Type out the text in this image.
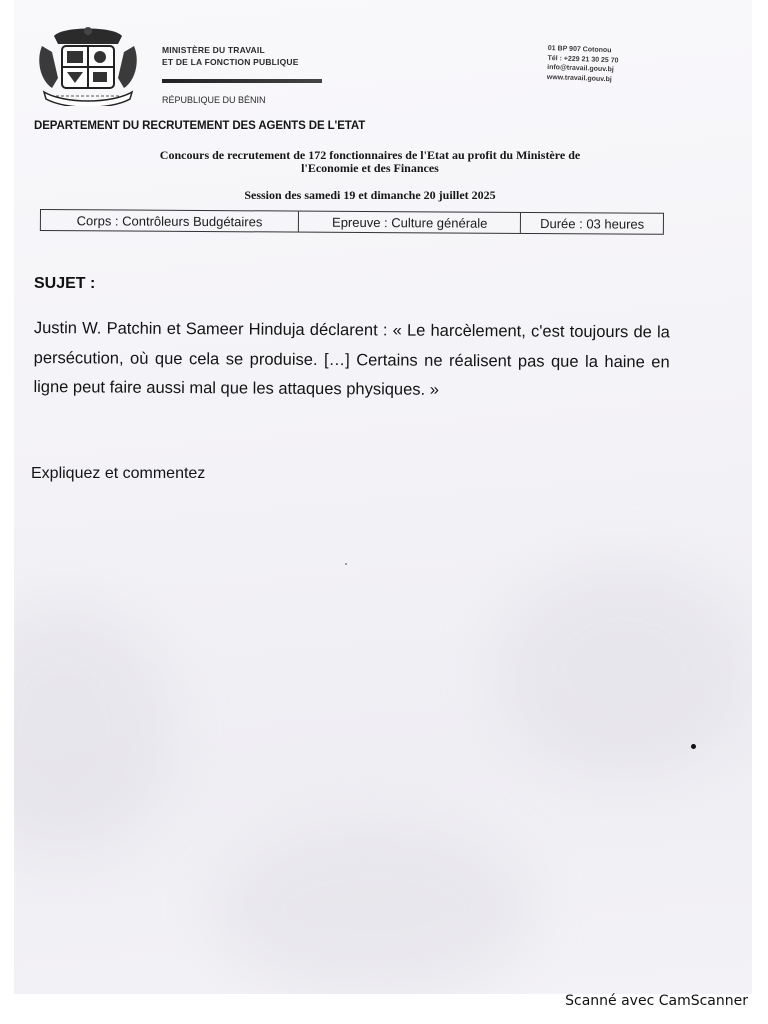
MINISTÈRE DU TRAVAIL
ET DE LA FONCTION PUBLIQUE
RÉPUBLIQUE DU BÉNIN
01 BP 907 Cotonou
Tél : +229 21 30 25 70
info@travail.gouv.bj
www.travail.gouv.bj
DEPARTEMENT DU RECRUTEMENT DES AGENTS DE L'ETAT
Concours de recrutement de 172 fonctionnaires de l'Etat au profit du Ministère de
l'Economie et des Finances
Session des samedi 19 et dimanche 20 juillet 2025
Corps : Contrôleurs Budgétaires	Epreuve : Culture générale	Durée : 03 heures
SUJET :
Justin W. Patchin et Sameer Hinduja déclarent : « Le harcèlement, c'est toujours de la persécution, où que cela se produise. […] Certains ne réalisent pas que la haine en ligne peut faire aussi mal que les attaques physiques. »
Expliquez et commentez
Scanné avec CamScanner
